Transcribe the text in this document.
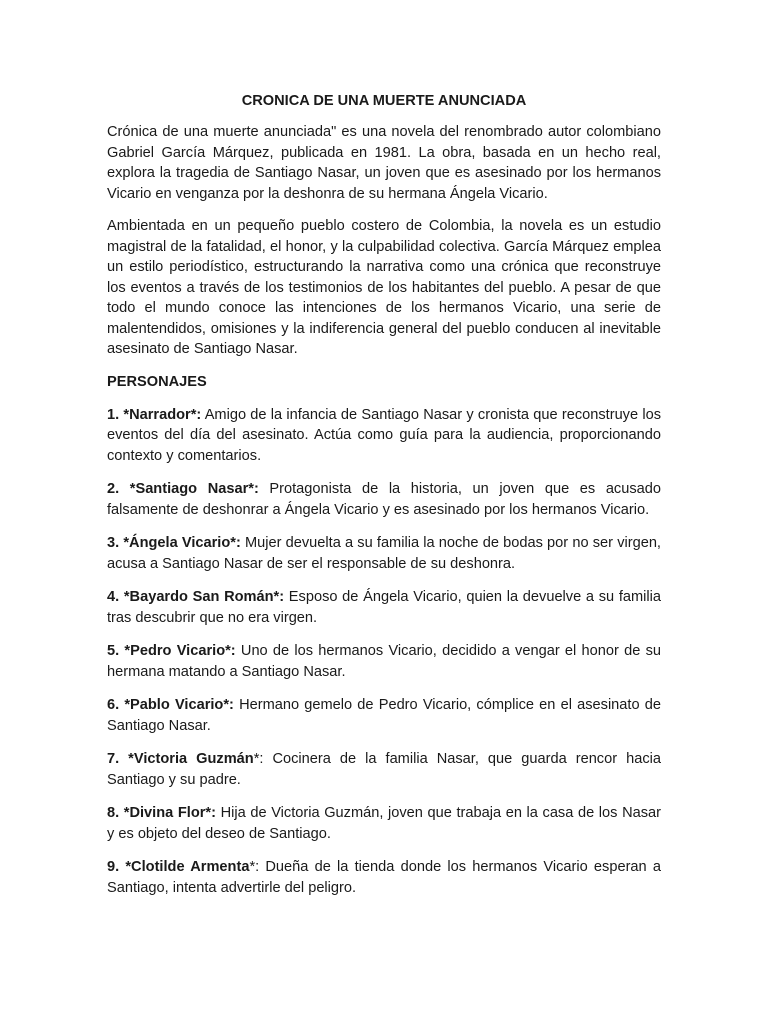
CRONICA DE UNA MUERTE ANUNCIADA

Crónica de una muerte anunciada" es una novela del renombrado autor colombiano Gabriel García Márquez, publicada en 1981. La obra, basada en un hecho real, explora la tragedia de Santiago Nasar, un joven que es asesinado por los hermanos Vicario en venganza por la deshonra de su hermana Ángela Vicario.

Ambientada en un pequeño pueblo costero de Colombia, la novela es un estudio magistral de la fatalidad, el honor, y la culpabilidad colectiva. García Márquez emplea un estilo periodístico, estructurando la narrativa como una crónica que reconstruye los eventos a través de los testimonios de los habitantes del pueblo. A pesar de que todo el mundo conoce las intenciones de los hermanos Vicario, una serie de malentendidos, omisiones y la indiferencia general del pueblo conducen al inevitable asesinato de Santiago Nasar.

PERSONAJES
1. *Narrador*: Amigo de la infancia de Santiago Nasar y cronista que reconstruye los eventos del día del asesinato. Actúa como guía para la audiencia, proporcionando contexto y comentarios.
2. *Santiago Nasar*: Protagonista de la historia, un joven que es acusado falsamente de deshonrar a Ángela Vicario y es asesinado por los hermanos Vicario.
3. *Ángela Vicario*: Mujer devuelta a su familia la noche de bodas por no ser virgen, acusa a Santiago Nasar de ser el responsable de su deshonra.
4. *Bayardo San Román*: Esposo de Ángela Vicario, quien la devuelve a su familia tras descubrir que no era virgen.
5. *Pedro Vicario*: Uno de los hermanos Vicario, decidido a vengar el honor de su hermana matando a Santiago Nasar.
6. *Pablo Vicario*: Hermano gemelo de Pedro Vicario, cómplice en el asesinato de Santiago Nasar.
7. *Victoria Guzmán*: Cocinera de la familia Nasar, que guarda rencor hacia Santiago y su padre.
8. *Divina Flor*: Hija de Victoria Guzmán, joven que trabaja en la casa de los Nasar y es objeto del deseo de Santiago.
9. *Clotilde Armenta*: Dueña de la tienda donde los hermanos Vicario esperan a Santiago, intenta advertirle del peligro.
